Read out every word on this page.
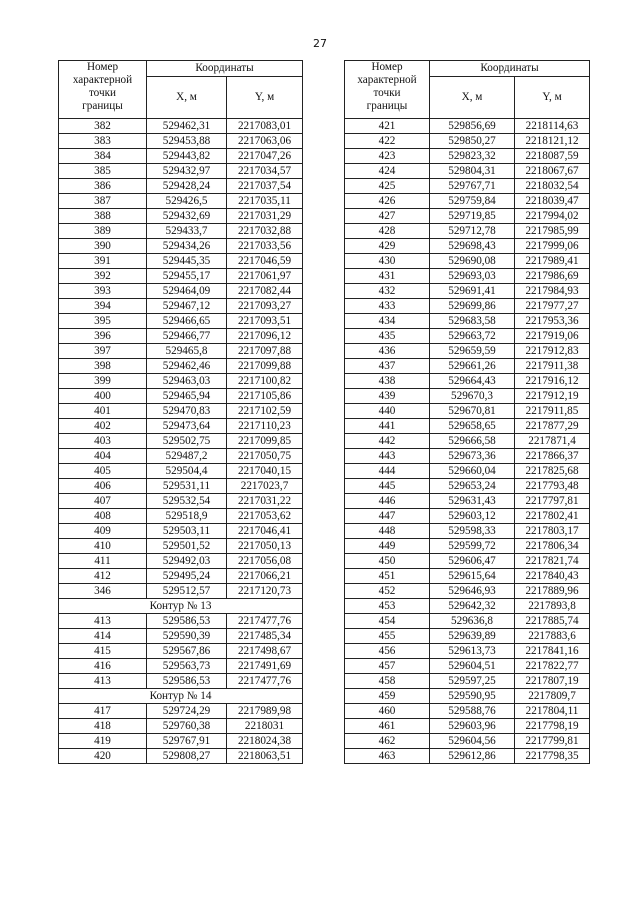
27
Номер
характерной
точки
границы	Координаты	
	X, м	Y, м
382	529462,31	2217083,01
383	529453,88	2217063,06
384	529443,82	2217047,26
385	529432,97	2217034,57
386	529428,24	2217037,54
387	529426,5	2217035,11
388	529432,69	2217031,29
389	529433,7	2217032,88
390	529434,26	2217033,56
391	529445,35	2217046,59
392	529455,17	2217061,97
393	529464,09	2217082,44
394	529467,12	2217093,27
395	529466,65	2217093,51
396	529466,77	2217096,12
397	529465,8	2217097,88
398	529462,46	2217099,88
399	529463,03	2217100,82
400	529465,94	2217105,86
401	529470,83	2217102,59
402	529473,64	2217110,23
403	529502,75	2217099,85
404	529487,2	2217050,75
405	529504,4	2217040,15
406	529531,11	2217023,7
407	529532,54	2217031,22
408	529518,9	2217053,62
409	529503,11	2217046,41
410	529501,52	2217050,13
411	529492,03	2217056,08
412	529495,24	2217066,21
346	529512,57	2217120,73
Контур № 13		
413	529586,53	2217477,76
414	529590,39	2217485,34
415	529567,86	2217498,67
416	529563,73	2217491,69
413	529586,53	2217477,76
Контур № 14		
417	529724,29	2217989,98
418	529760,38	2218031
419	529767,91	2218024,38
420	529808,27	2218063,51
Номер
характерной
точки
границы	Координаты	
	X, м	Y, м
421	529856,69	2218114,63
422	529850,27	2218121,12
423	529823,32	2218087,59
424	529804,31	2218067,67
425	529767,71	2218032,54
426	529759,84	2218039,47
427	529719,85	2217994,02
428	529712,78	2217985,99
429	529698,43	2217999,06
430	529690,08	2217989,41
431	529693,03	2217986,69
432	529691,41	2217984,93
433	529699,86	2217977,27
434	529683,58	2217953,36
435	529663,72	2217919,06
436	529659,59	2217912,83
437	529661,26	2217911,38
438	529664,43	2217916,12
439	529670,3	2217912,19
440	529670,81	2217911,85
441	529658,65	2217877,29
442	529666,58	2217871,4
443	529673,36	2217866,37
444	529660,04	2217825,68
445	529653,24	2217793,48
446	529631,43	2217797,81
447	529603,12	2217802,41
448	529598,33	2217803,17
449	529599,72	2217806,34
450	529606,47	2217821,74
451	529615,64	2217840,43
452	529646,93	2217889,96
453	529642,32	2217893,8
454	529636,8	2217885,74
455	529639,89	2217883,6
456	529613,73	2217841,16
457	529604,51	2217822,77
458	529597,25	2217807,19
459	529590,95	2217809,7
460	529588,76	2217804,11
461	529603,96	2217798,19
462	529604,56	2217799,81
463	529612,86	2217798,35
